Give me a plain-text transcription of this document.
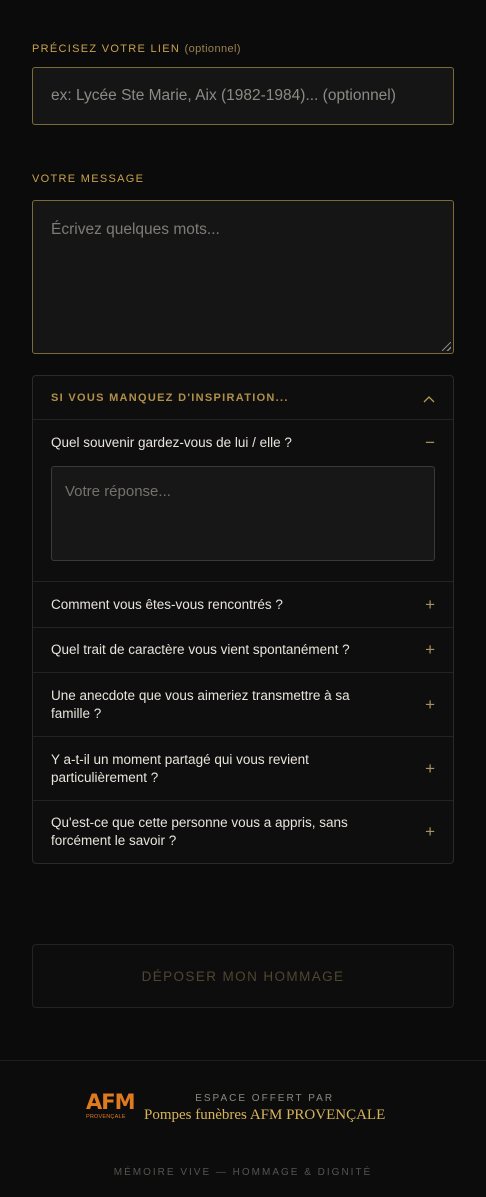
PRÉCISEZ VOTRE LIEN (optionnel)
ex: Lycée Ste Marie, Aix (1982-1984)... (optionnel)
VOTRE MESSAGE
Écrivez quelques mots...
SI VOUS MANQUEZ D'INSPIRATION...
Quel souvenir gardez-vous de lui / elle ?	−
Votre réponse...
Comment vous êtes-vous rencontrés ?	+
Quel trait de caractère vous vient spontanément ?	+
Une anecdote que vous aimeriez transmettre à sa famille ?	+
Y a-t-il un moment partagé qui vous revient particulièrement ?	+
Qu'est-ce que cette personne vous a appris, sans forcément le savoir ?	+
DÉPOSER MON HOMMAGE
AFM
PROVENÇALE
ESPACE OFFERT PAR
Pompes funèbres AFM PROVENÇALE
MÉMOIRE VIVE — HOMMAGE & DIGNITÉ
